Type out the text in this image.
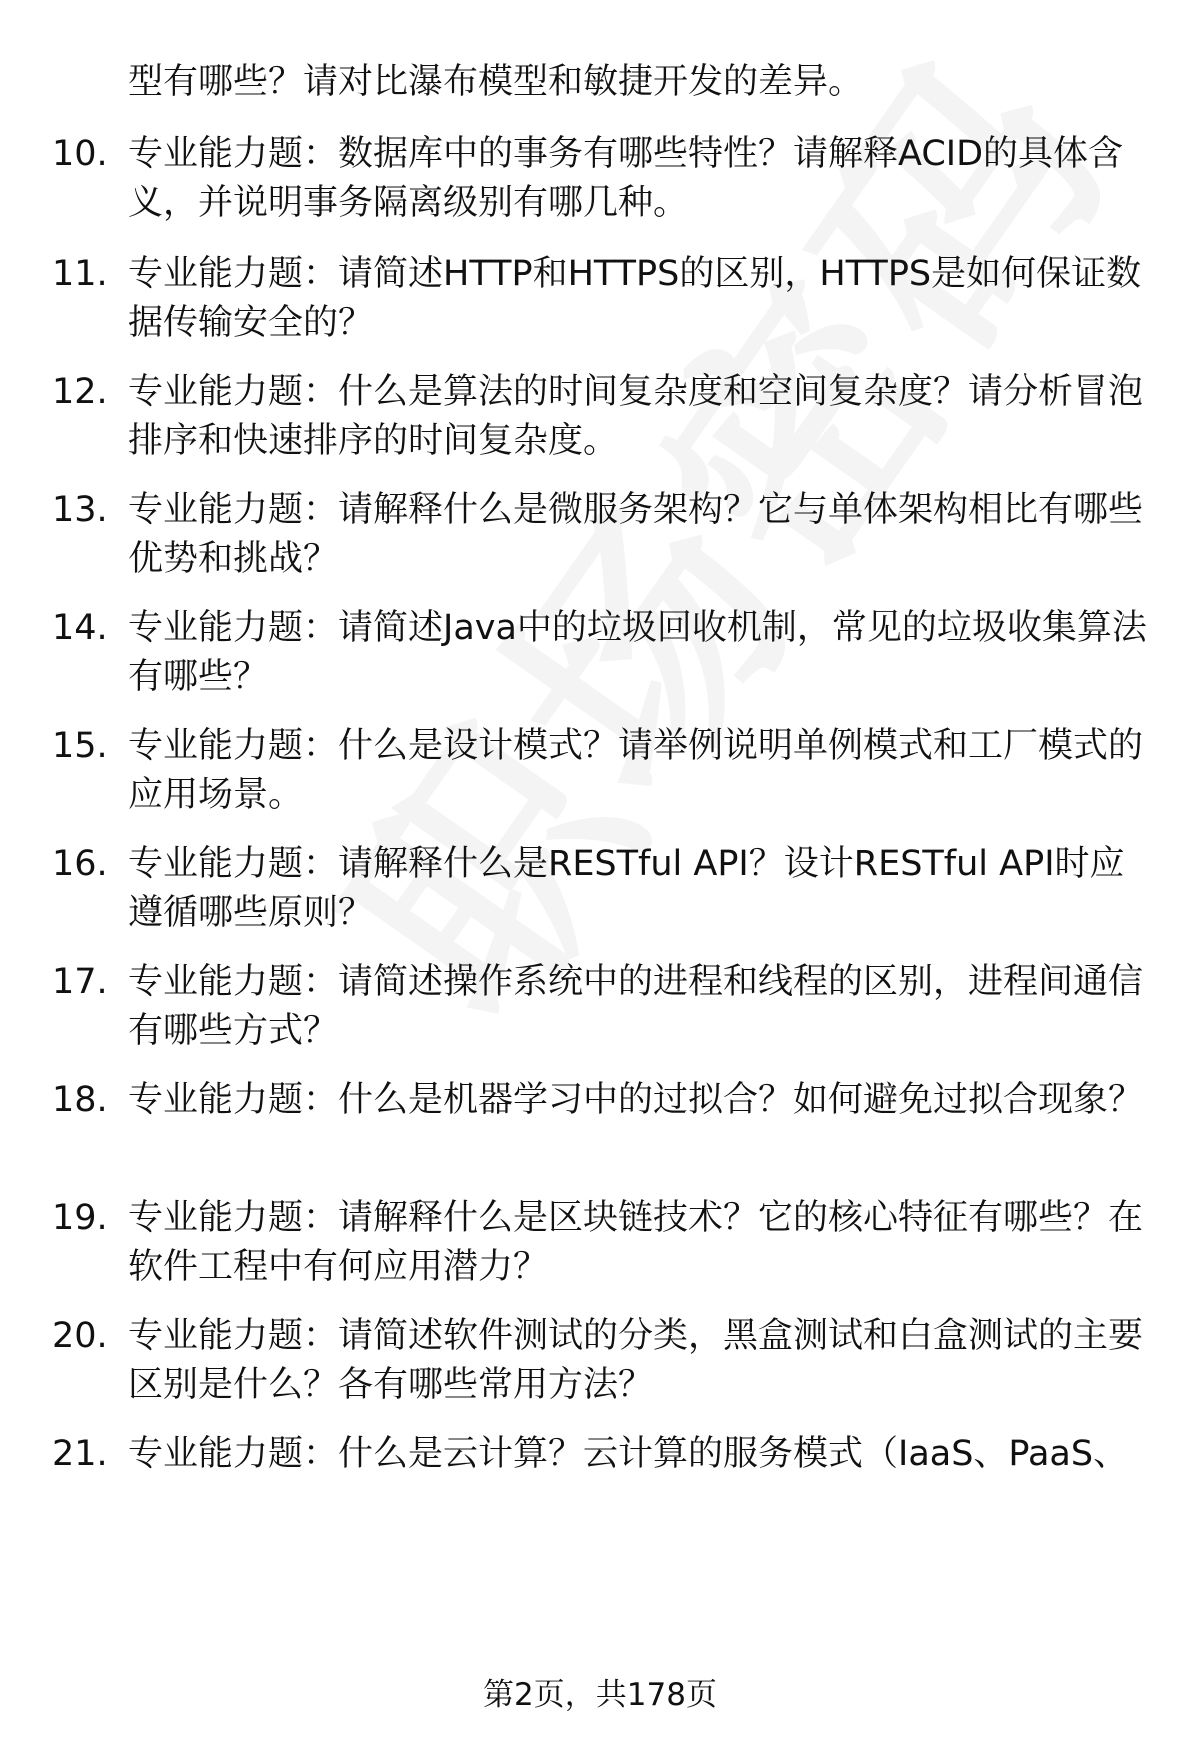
型有哪些？请对比瀑布模型和敏捷开发的差异。
10. 专业能力题：数据库中的事务有哪些特性？请解释ACID的具体含义，并说明事务隔离级别有哪几种。
11. 专业能力题：请简述HTTP和HTTPS的区别，HTTPS是如何保证数据传输安全的？
12. 专业能力题：什么是算法的时间复杂度和空间复杂度？请分析冒泡排序和快速排序的时间复杂度。
13. 专业能力题：请解释什么是微服务架构？它与单体架构相比有哪些优势和挑战？
14. 专业能力题：请简述Java中的垃圾回收机制，常见的垃圾收集算法有哪些？
15. 专业能力题：什么是设计模式？请举例说明单例模式和工厂模式的应用场景。
16. 专业能力题：请解释什么是RESTful API？设计RESTful API时应遵循哪些原则？
17. 专业能力题：请简述操作系统中的进程和线程的区别，进程间通信有哪些方式？
18. 专业能力题：什么是机器学习中的过拟合？如何避免过拟合现象？
19. 专业能力题：请解释什么是区块链技术？它的核心特征有哪些？在软件工程中有何应用潜力？
20. 专业能力题：请简述软件测试的分类，黑盒测试和白盒测试的主要区别是什么？各有哪些常用方法？
21. 专业能力题：什么是云计算？云计算的服务模式（IaaS、PaaS、
第2页，共178页
